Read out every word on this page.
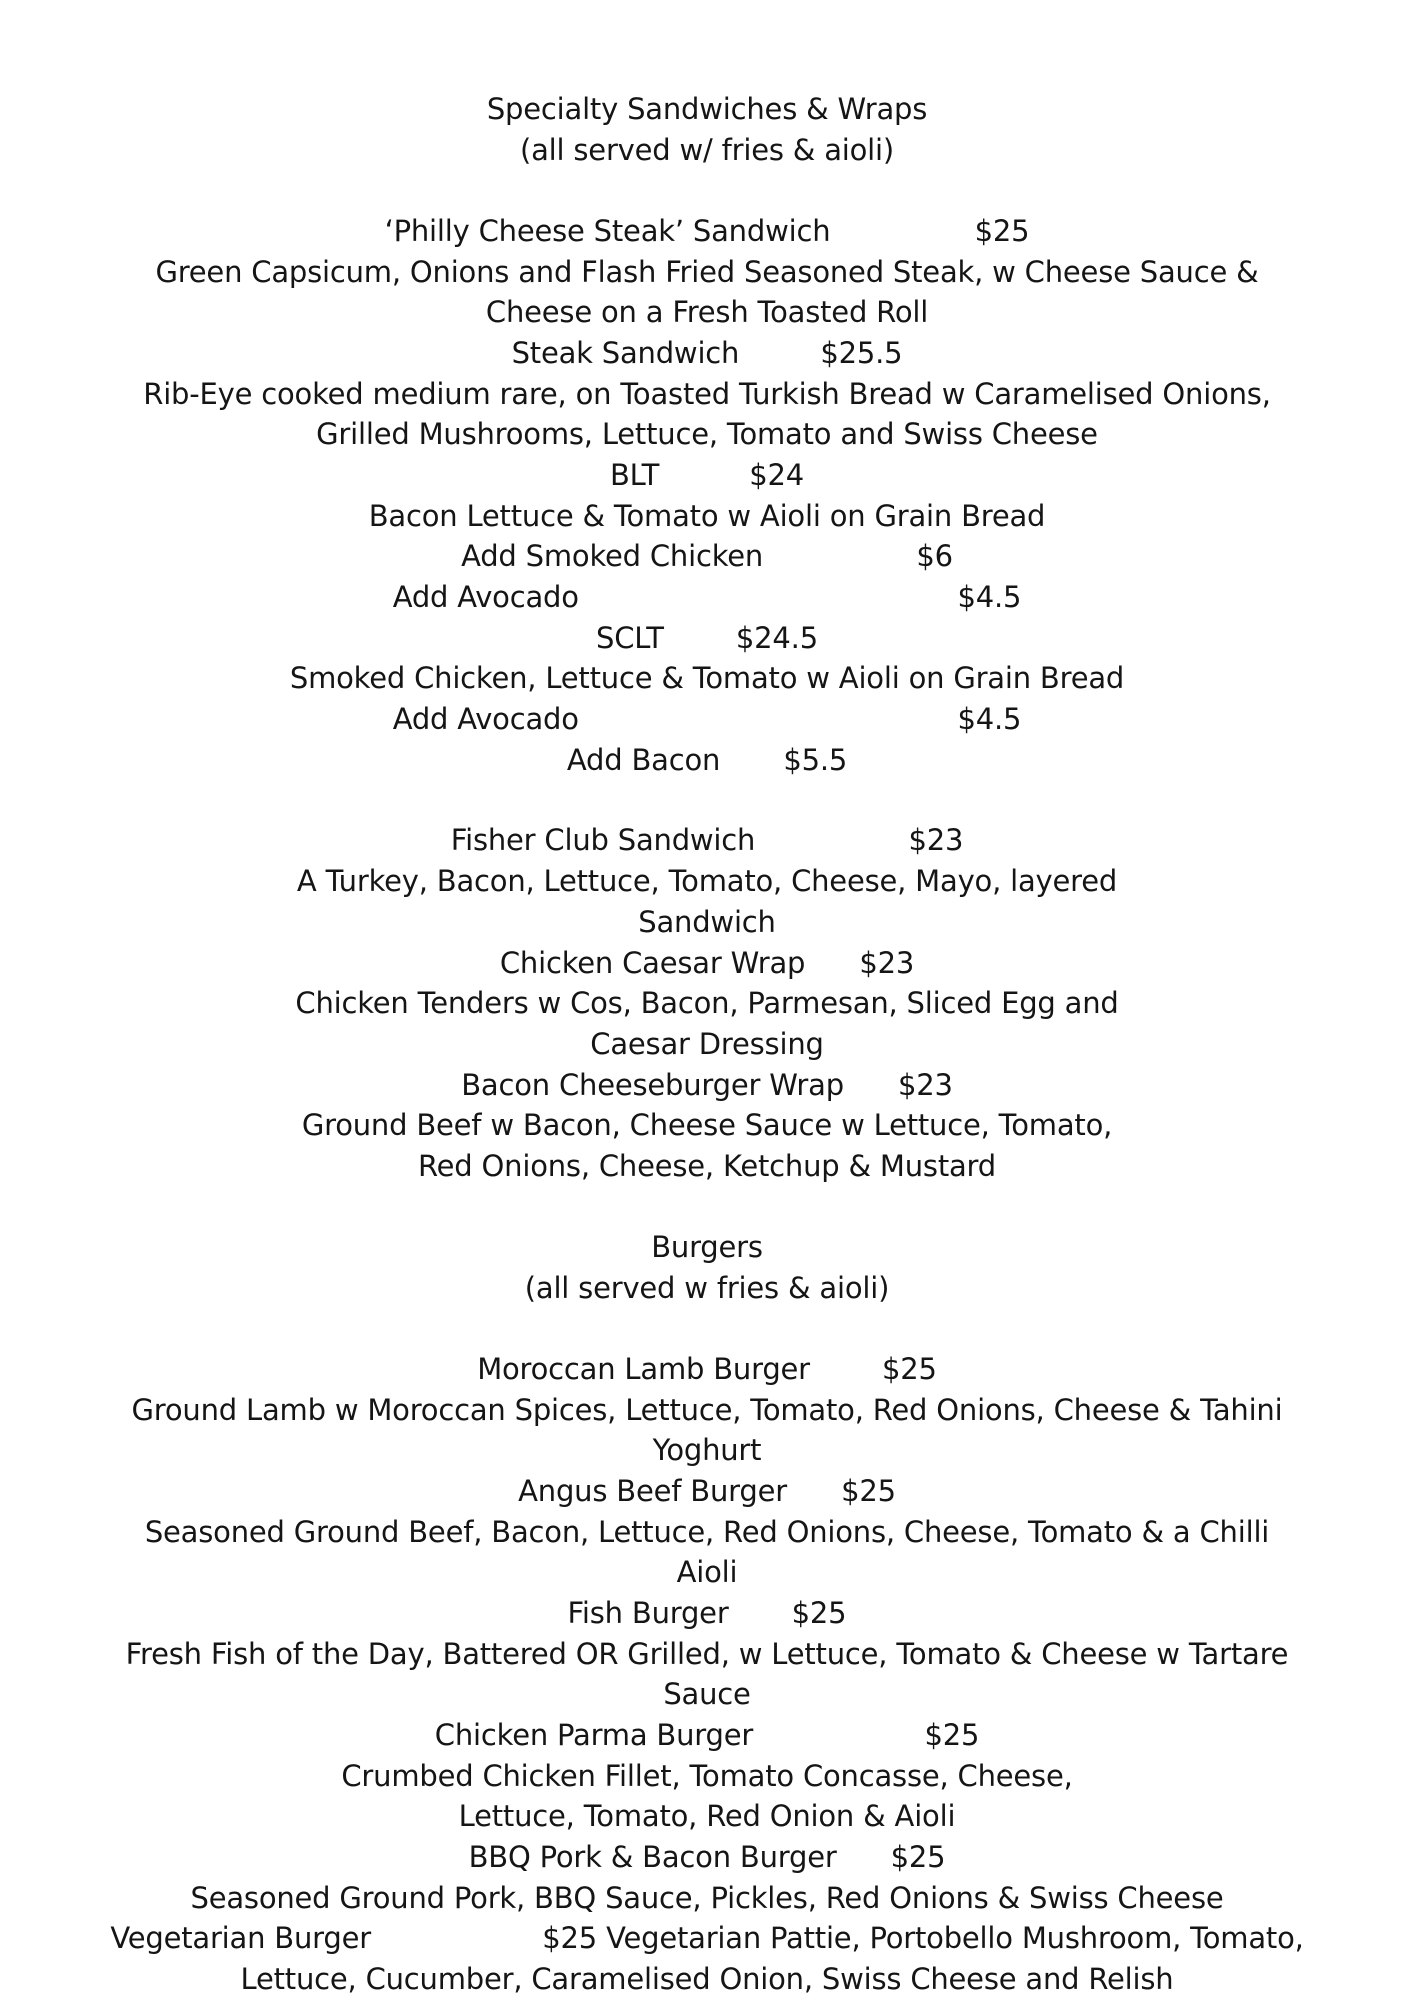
Specialty Sandwiches & Wraps
(all served w/ fries & aioli)
‘Philly Cheese Steak’ Sandwich                $25
Green Capsicum, Onions and Flash Fried Seasoned Steak, w Cheese Sauce &
Cheese on a Fresh Toasted Roll
Steak Sandwich         $25.5
Rib-Eye cooked medium rare, on Toasted Turkish Bread w Caramelised Onions,
Grilled Mushrooms, Lettuce, Tomato and Swiss Cheese
BLT          $24
Bacon Lettuce & Tomato w Aioli on Grain Bread
Add Smoked Chicken                 $6
Add Avocado                                          $4.5
SCLT        $24.5
Smoked Chicken, Lettuce & Tomato w Aioli on Grain Bread
Add Avocado                                          $4.5
Add Bacon       $5.5
Fisher Club Sandwich                 $23
A Turkey, Bacon, Lettuce, Tomato, Cheese, Mayo, layered
Sandwich
Chicken Caesar Wrap      $23
Chicken Tenders w Cos, Bacon, Parmesan, Sliced Egg and
Caesar Dressing
Bacon Cheeseburger Wrap      $23
Ground Beef w Bacon, Cheese Sauce w Lettuce, Tomato,
Red Onions, Cheese, Ketchup & Mustard
Burgers
(all served w fries & aioli)
Moroccan Lamb Burger        $25
Ground Lamb w Moroccan Spices, Lettuce, Tomato, Red Onions, Cheese & Tahini
Yoghurt
Angus Beef Burger      $25
Seasoned Ground Beef, Bacon, Lettuce, Red Onions, Cheese, Tomato & a Chilli
Aioli
Fish Burger       $25
Fresh Fish of the Day, Battered OR Grilled, w Lettuce, Tomato & Cheese w Tartare
Sauce
Chicken Parma Burger                   $25
Crumbed Chicken Fillet, Tomato Concasse, Cheese,
Lettuce, Tomato, Red Onion & Aioli
BBQ Pork & Bacon Burger      $25
Seasoned Ground Pork, BBQ Sauce, Pickles, Red Onions & Swiss Cheese
Vegetarian Burger                   $25 Vegetarian Pattie, Portobello Mushroom, Tomato,
Lettuce, Cucumber, Caramelised Onion, Swiss Cheese and Relish
